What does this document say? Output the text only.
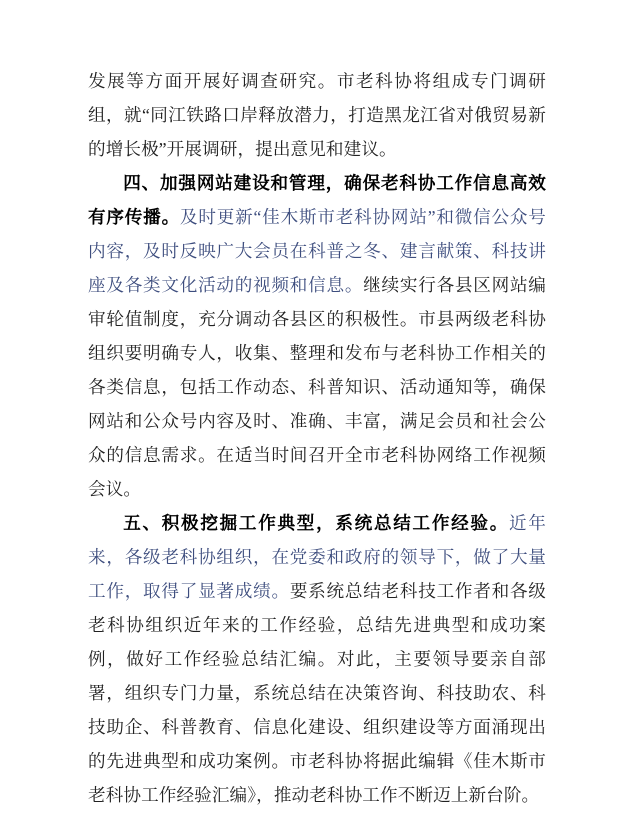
发展等方面开展好调查研究。市老科协将组成专门调研组，就“同江铁路口岸释放潜力，打造黑龙江省对俄贸易新的增长极”开展调研，提出意见和建议。

四、加强网站建设和管理，确保老科协工作信息高效有序传播。及时更新“佳木斯市老科协网站”和微信公众号内容，及时反映广大会员在科普之冬、建言献策、科技讲座及各类文化活动的视频和信息。继续实行各县区网站编审轮值制度，充分调动各县区的积极性。市县两级老科协组织要明确专人，收集、整理和发布与老科协工作相关的各类信息，包括工作动态、科普知识、活动通知等，确保网站和公众号内容及时、准确、丰富，满足会员和社会公众的信息需求。在适当时间召开全市老科协网络工作视频会议。

五、积极挖掘工作典型，系统总结工作经验。近年来，各级老科协组织，在党委和政府的领导下，做了大量工作，取得了显著成绩。要系统总结老科技工作者和各级老科协组织近年来的工作经验，总结先进典型和成功案例，做好工作经验总结汇编。对此，主要领导要亲自部署，组织专门力量，系统总结在决策咨询、科技助农、科技助企、科普教育、信息化建设、组织建设等方面涌现出的先进典型和成功案例。市老科协将据此编辑《佳木斯市老科协工作经验汇编》，推动老科协工作不断迈上新台阶。
